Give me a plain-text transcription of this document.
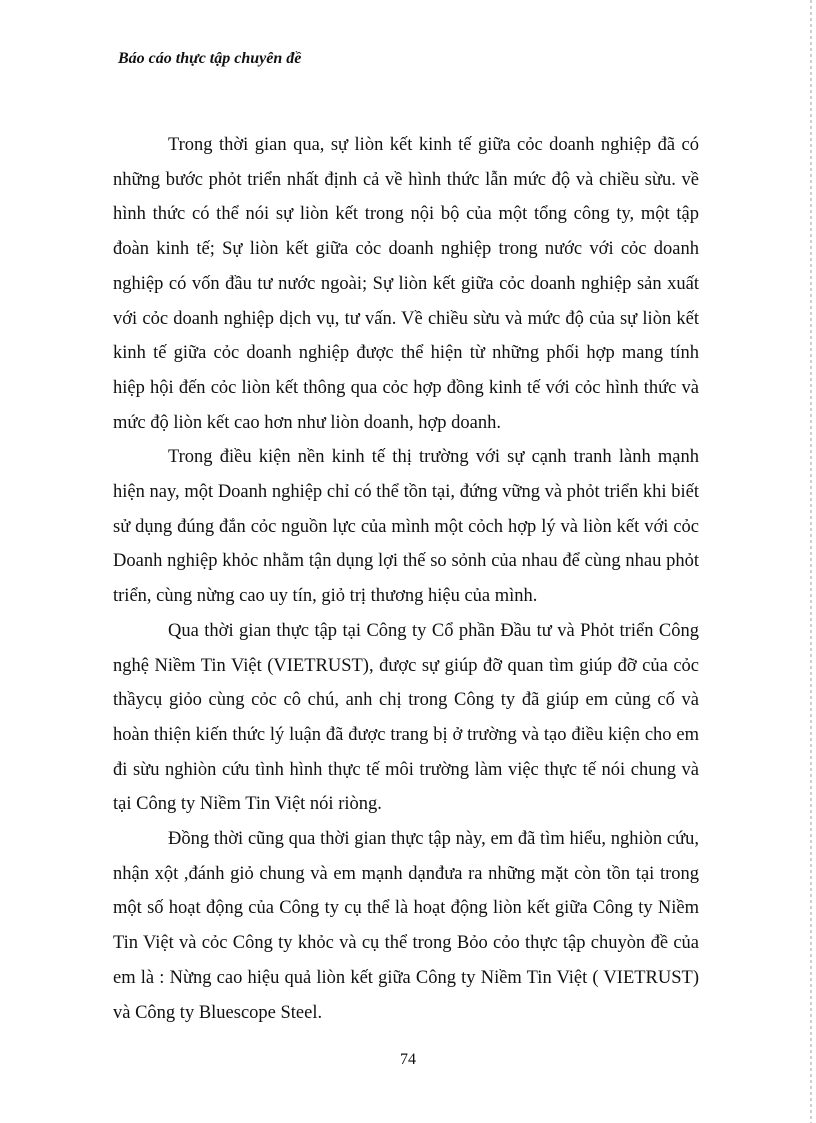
Báo cáo thực tập chuyên đề

Trong thời gian qua, sự liòn kết kinh tế giữa cỏc doanh nghiệp đã có những bước phỏt triển nhất định cả về hình thức lẫn mức độ và chiều sừu. về hình thức có thể nói sự liòn kết trong nội bộ của một tổng công ty, một tập đoàn kinh tế; Sự liòn kết giữa cỏc doanh nghiệp trong nước với cỏc doanh nghiệp có vốn đầu tư nước ngoài; Sự liòn kết giữa cỏc doanh nghiệp sản xuất với cỏc doanh nghiệp dịch vụ, tư vấn. Về chiều sừu và mức độ của sự liòn kết kinh tế giữa cỏc doanh nghiệp được thể hiện từ những phối hợp mang tính hiệp hội đến cỏc liòn kết thông qua cỏc hợp đồng kinh tế với cỏc hình thức và mức độ liòn kết cao hơn như liòn doanh, hợp doanh.

Trong điều kiện nền kinh tế thị trường với sự cạnh tranh lành mạnh hiện nay, một Doanh nghiệp chỉ có thể tồn tại, đứng vững và phỏt triển khi biết sử dụng đúng đắn cỏc nguồn lực của mình một cỏch hợp lý và liòn kết với cỏc Doanh nghiệp khỏc nhằm tận dụng lợi thế so sỏnh của nhau để cùng nhau phỏt triển, cùng nừng cao uy tín, giỏ trị thương hiệu của mình.

Qua thời gian thực tập tại Công ty Cổ phần Đầu tư và Phỏt triển Công nghệ Niềm Tin Việt (VIETRUST), được sự giúp đỡ quan tìm giúp đỡ của cỏc thầycụ giỏo cùng cỏc cô chú, anh chị trong Công ty đã giúp em củng cố và hoàn thiện kiến thức lý luận đã được trang bị ở trường và tạo điều kiện cho em đi sừu nghiòn cứu tình hình thực tế môi trường làm việc thực tế nói chung và tại Công ty Niềm Tin Việt nói riòng.

Đồng thời cũng qua thời gian thực tập này, em đã tìm hiểu, nghiòn cứu, nhận xột ,đánh giỏ chung và em mạnh dạnđưa ra những mặt còn tồn tại trong một số hoạt động của Công ty cụ thể là hoạt động liòn kết giữa Công ty Niềm Tin Việt và cỏc Công ty khỏc và cụ thể trong Bỏo cỏo thực tập chuyòn đề của em là : Nừng cao hiệu quả liòn kết giữa Công ty Niềm Tin Việt ( VIETRUST) và Công ty Bluescope Steel.

74
